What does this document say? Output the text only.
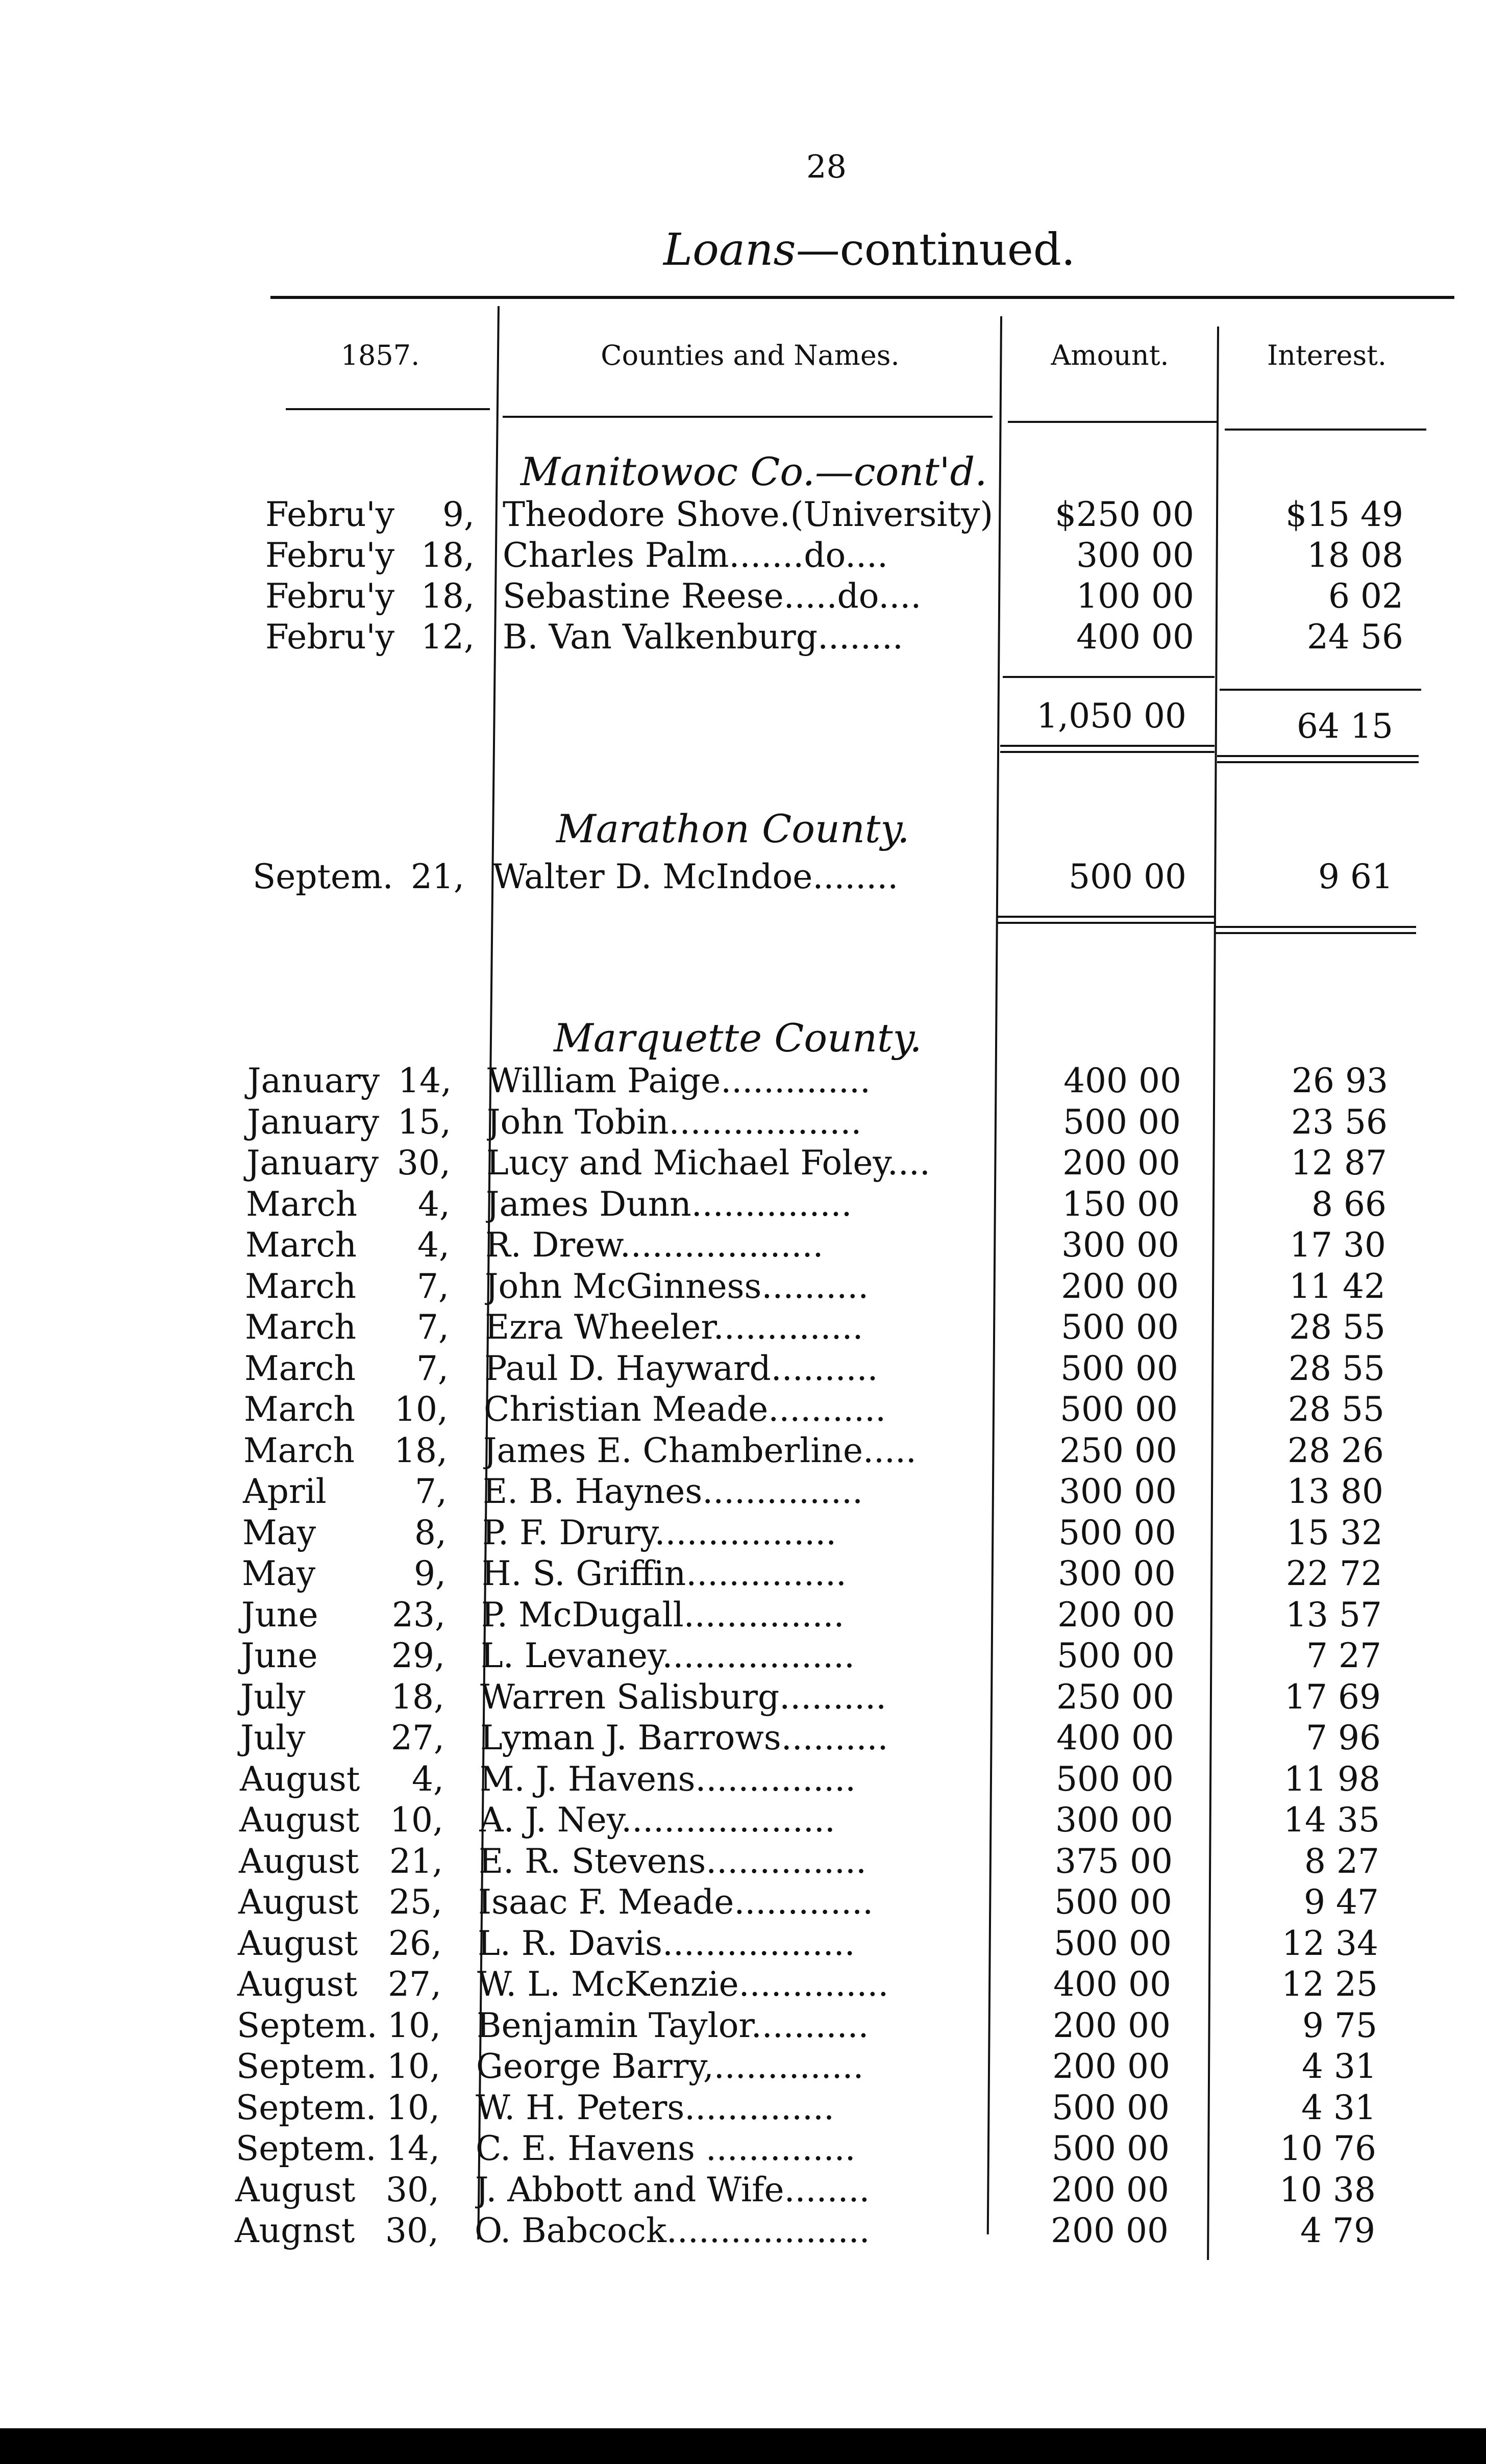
28
Loans—continued.
1857.	Counties and Names.	Amount.	Interest.
Manitowoc Co.—cont'd.
Febru'y	9, Theodore Shove.(University)	$250 00	$15 49
Febru'y 18, Charles Palm.......do....	300 00	18 08
Febru'y 18, Sebastine Reese.....do....	100 00	6 02
Febru'y 12, B. Van Valkenburg........	400 00	24 56
1,050 00	64 15
Marathon County.
Septem. 21, Walter D. McIndoe........	500 00	9 61
Marquette County.
January 14, William Paige..............	400 00	26 93
January 15, John Tobin..................	500 00	23 56
January 30, Lucy and Michael Foley....	200 00	12 87
March	4, James Dunn...............	150 00	8 66
March	4, R. Drew...................	300 00	17 30
March	7, John McGinness..........	200 00	11 42
March	7, Ezra Wheeler..............	500 00	28 55
March	7, Paul D. Hayward..........	500 00	28 55
March	10, Christian Meade...........	500 00	28 55
March	18, James E. Chamberline.....	250 00	28 26
April	7, E. B. Haynes...............	300 00	13 80
May	8, P. F. Drury.................	500 00	15 32
May	9, H. S. Griffin...............	300 00	22 72
June	23, P. McDugall...............	200 00	13 57
June	29, L. Levaney..................	500 00	7 27
July	18, Warren Salisburg..........	250 00	17 69
July	27, Lyman J. Barrows..........	400 00	7 96
August	4, M. J. Havens...............	500 00	11 98
August 10, A. J. Ney....................	300 00	14 35
August 21, E. R. Stevens...............	375 00	8 27
August 25, Isaac F. Meade.............	500 00	9 47
August 26, L. R. Davis..................	500 00	12 34
August 27, W. L. McKenzie..............	400 00	12 25
Septem. 10, Benjamin Taylor...........	200 00	9 75
Septem. 10, George Barry,..............	200 00	4 31
Septem. 10, W. H. Peters..............	500 00	4 31
Septem. 14, C. E. Havens ..............	500 00	10 76
August 30, J. Abbott and Wife........	200 00	10 38
Augnst 30, O. Babcock...................	200 00	4 79
